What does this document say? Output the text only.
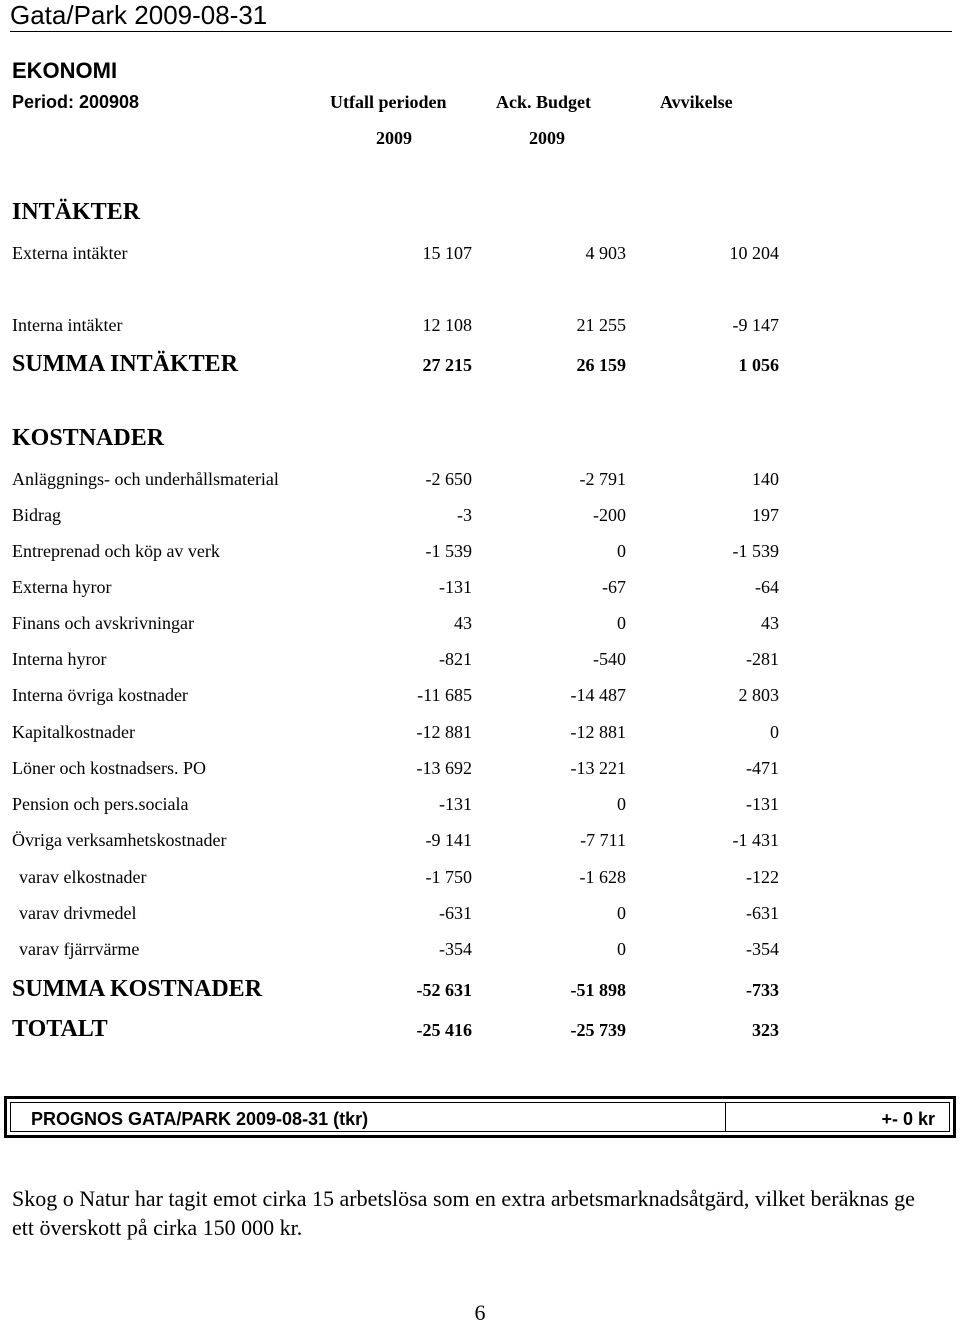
Gata/Park 2009-08-31
EKONOMI
Period: 200908	Utfall perioden	Ack. Budget	Avvikelse
2009	2009
INTÄKTER
Externa intäkter	15 107	4 903	10 204
Interna intäkter	12 108	21 255	-9 147
SUMMA INTÄKTER	27 215	26 159	1 056
KOSTNADER
Anläggnings- och underhållsmaterial	-2 650	-2 791	140
Bidrag	-3	-200	197
Entreprenad och köp av verk	-1 539	0	-1 539
Externa hyror	-131	-67	-64
Finans och avskrivningar	43	0	43
Interna hyror	-821	-540	-281
Interna övriga kostnader	-11 685	-14 487	2 803
Kapitalkostnader	-12 881	-12 881	0
Löner och kostnadsers. PO	-13 692	-13 221	-471
Pension och pers.sociala	-131	0	-131
Övriga verksamhetskostnader	-9 141	-7 711	-1 431
varav elkostnader	-1 750	-1 628	-122
varav drivmedel	-631	0	-631
varav fjärrvärme	-354	0	-354
SUMMA KOSTNADER	-52 631	-51 898	-733
TOTALT	-25 416	-25 739	323
PROGNOS GATA/PARK 2009-08-31 (tkr)	+- 0 kr
Skog o Natur har tagit emot cirka 15 arbetslösa som en extra arbetsmarknadsåtgärd, vilket beräknas ge ett överskott på cirka 150 000 kr.
6
